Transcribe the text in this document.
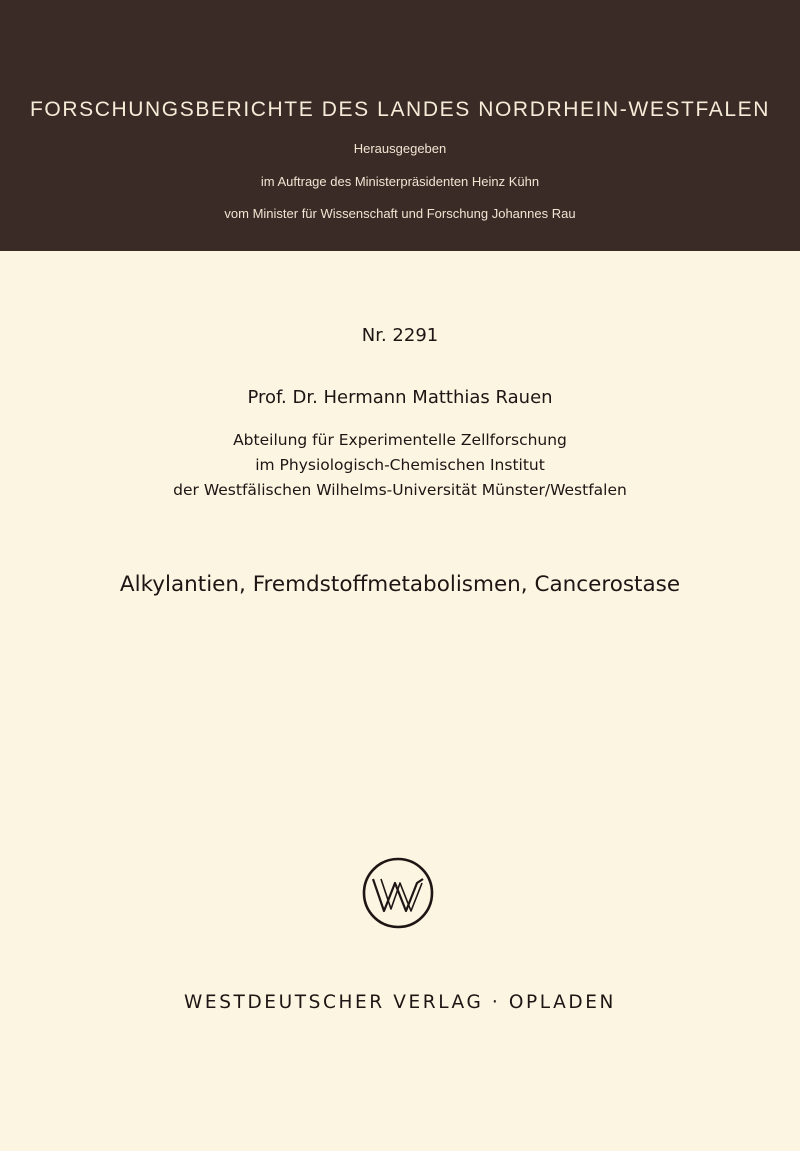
FORSCHUNGSBERICHTE DES LANDES NORDRHEIN-WESTFALEN
Herausgegeben
im Auftrage des Ministerpräsidenten Heinz Kühn
vom Minister für Wissenschaft und Forschung Johannes Rau
Nr. 2291
Prof. Dr. Hermann Matthias Rauen
Abteilung für Experimentelle Zellforschung
im Physiologisch-Chemischen Institut
der Westfälischen Wilhelms-Universität Münster/Westfalen
Alkylantien, Fremdstoffmetabolismen, Cancerostase
WESTDEUTSCHER VERLAG · OPLADEN
